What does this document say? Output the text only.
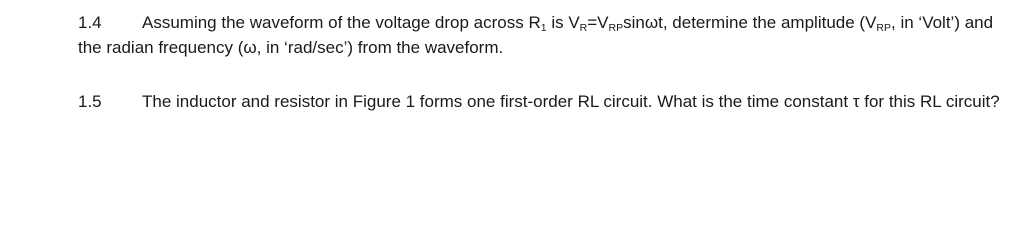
1.4 Assuming the waveform of the voltage drop across $R_1$ is $V_R=V_{RP}\sin\omega t$, determine the amplitude ($V_{RP}$, in ‘Volt’) and the radian frequency (ω, in ‘rad/sec’) from the waveform.
1.5 The inductor and resistor in Figure 1 forms one first-order RL circuit. What is the time constant τ for this RL circuit?
